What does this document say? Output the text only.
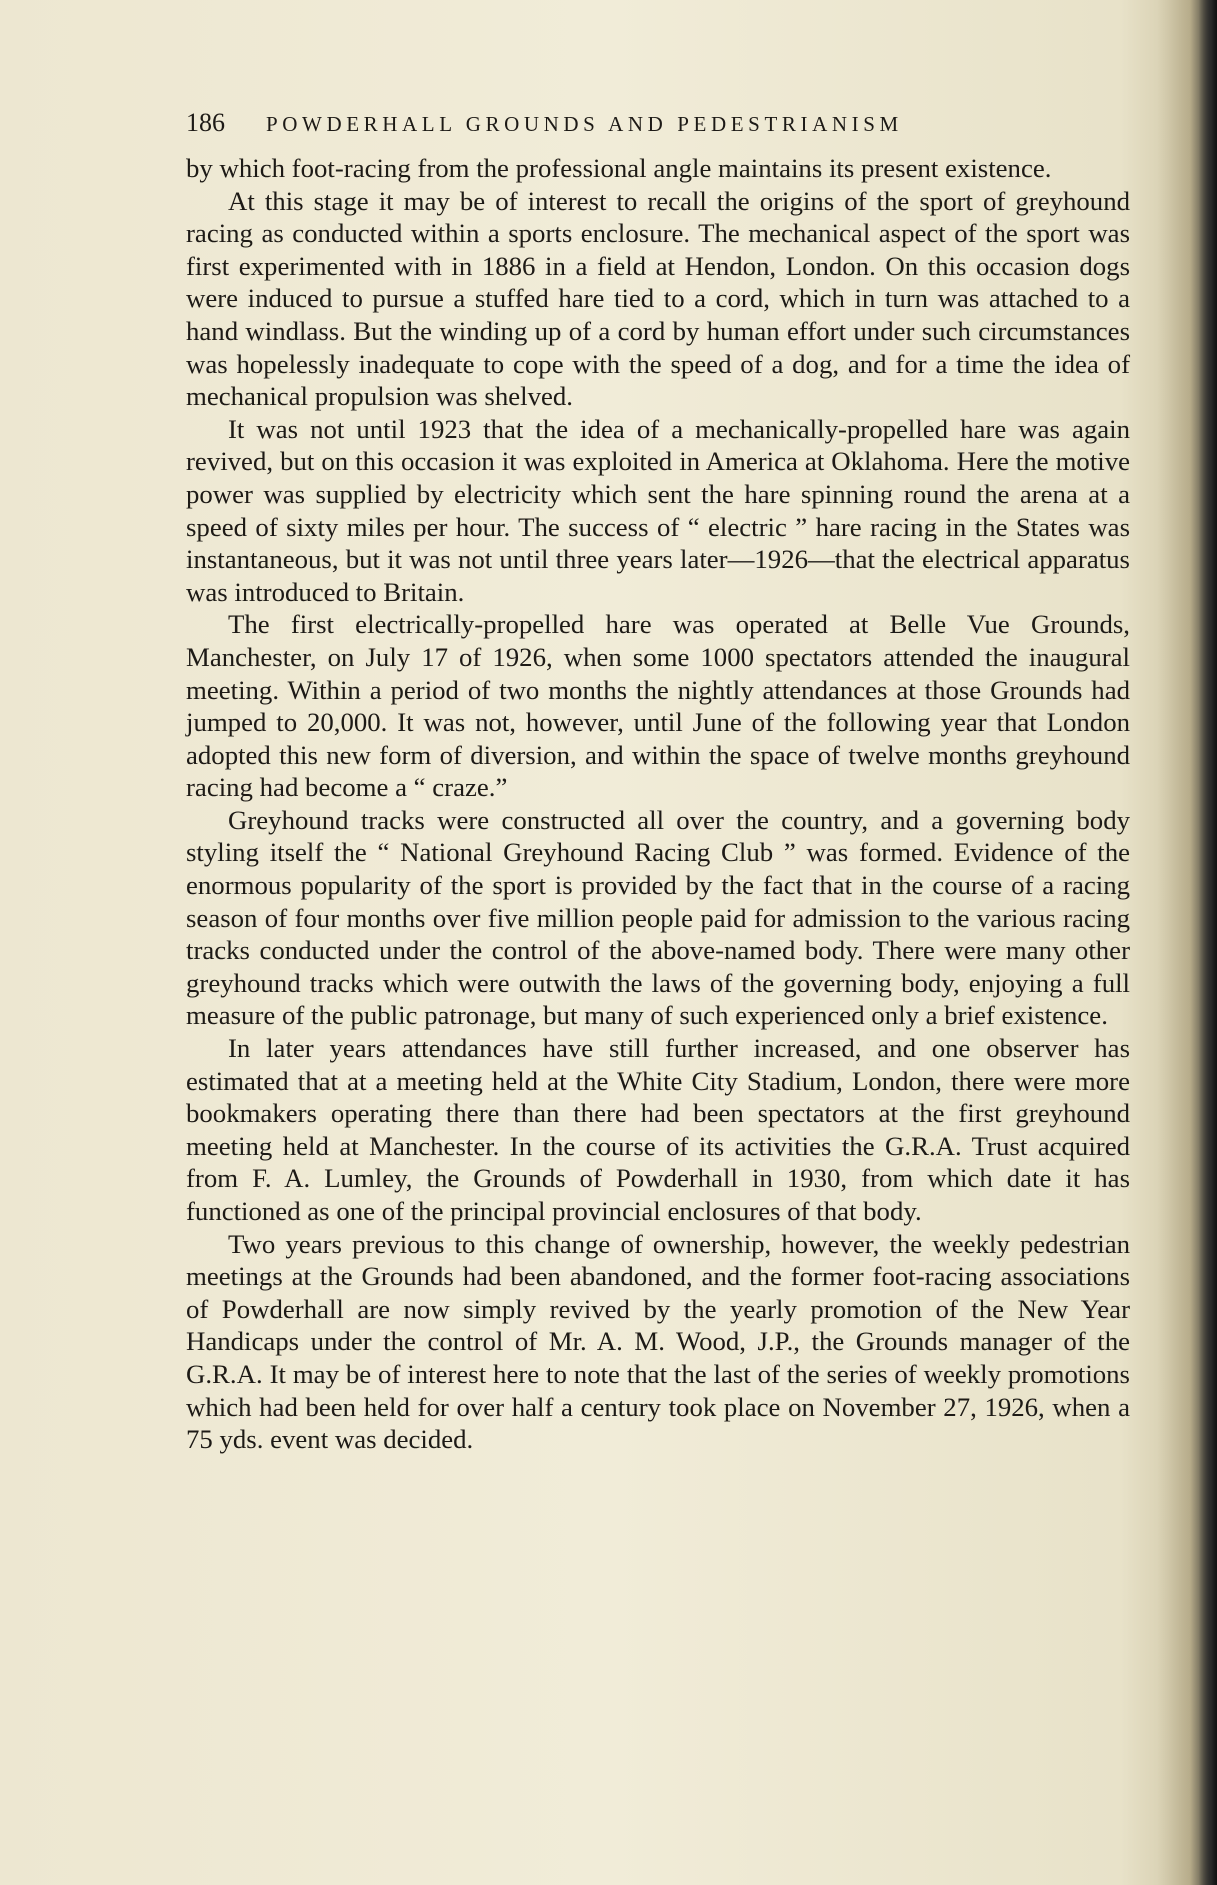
186	POWDERHALL GROUNDS AND PEDESTRIANISM

by which foot-racing from the professional angle maintains its present existence.

At this stage it may be of interest to recall the origins of the sport of greyhound racing as conducted within a sports enclosure. The mechanical aspect of the sport was first experimented with in 1886 in a field at Hendon, London. On this occasion dogs were induced to pursue a stuffed hare tied to a cord, which in turn was attached to a hand windlass. But the winding up of a cord by human effort under such circumstances was hopelessly inadequate to cope with the speed of a dog, and for a time the idea of mechanical propulsion was shelved.

It was not until 1923 that the idea of a mechanically-propelled hare was again revived, but on this occasion it was exploited in America at Oklahoma. Here the motive power was supplied by electricity which sent the hare spinning round the arena at a speed of sixty miles per hour. The success of “ electric ” hare racing in the States was instantaneous, but it was not until three years later—1926—that the electrical apparatus was introduced to Britain.

The first electrically-propelled hare was operated at Belle Vue Grounds, Manchester, on July 17 of 1926, when some 1000 spectators attended the inaugural meeting. Within a period of two months the nightly attendances at those Grounds had jumped to 20,000. It was not, however, until June of the following year that London adopted this new form of diversion, and within the space of twelve months greyhound racing had become a “ craze.”

Greyhound tracks were constructed all over the country, and a governing body styling itself the “ National Greyhound Racing Club ” was formed. Evidence of the enormous popularity of the sport is provided by the fact that in the course of a racing season of four months over five million people paid for admission to the various racing tracks conducted under the control of the above-named body. There were many other greyhound tracks which were outwith the laws of the governing body, enjoying a full measure of the public patronage, but many of such experienced only a brief existence.

In later years attendances have still further increased, and one observer has estimated that at a meeting held at the White City Stadium, London, there were more bookmakers operating there than there had been spectators at the first greyhound meeting held at Manchester. In the course of its activities the G.R.A. Trust acquired from F. A. Lumley, the Grounds of Powderhall in 1930, from which date it has functioned as one of the principal provincial enclosures of that body.

Two years previous to this change of ownership, however, the weekly pedestrian meetings at the Grounds had been abandoned, and the former foot-racing associations of Powderhall are now simply revived by the yearly promotion of the New Year Handicaps under the control of Mr. A. M. Wood, J.P., the Grounds manager of the G.R.A. It may be of interest here to note that the last of the series of weekly promotions which had been held for over half a century took place on November 27, 1926, when a 75 yds. event was decided.
